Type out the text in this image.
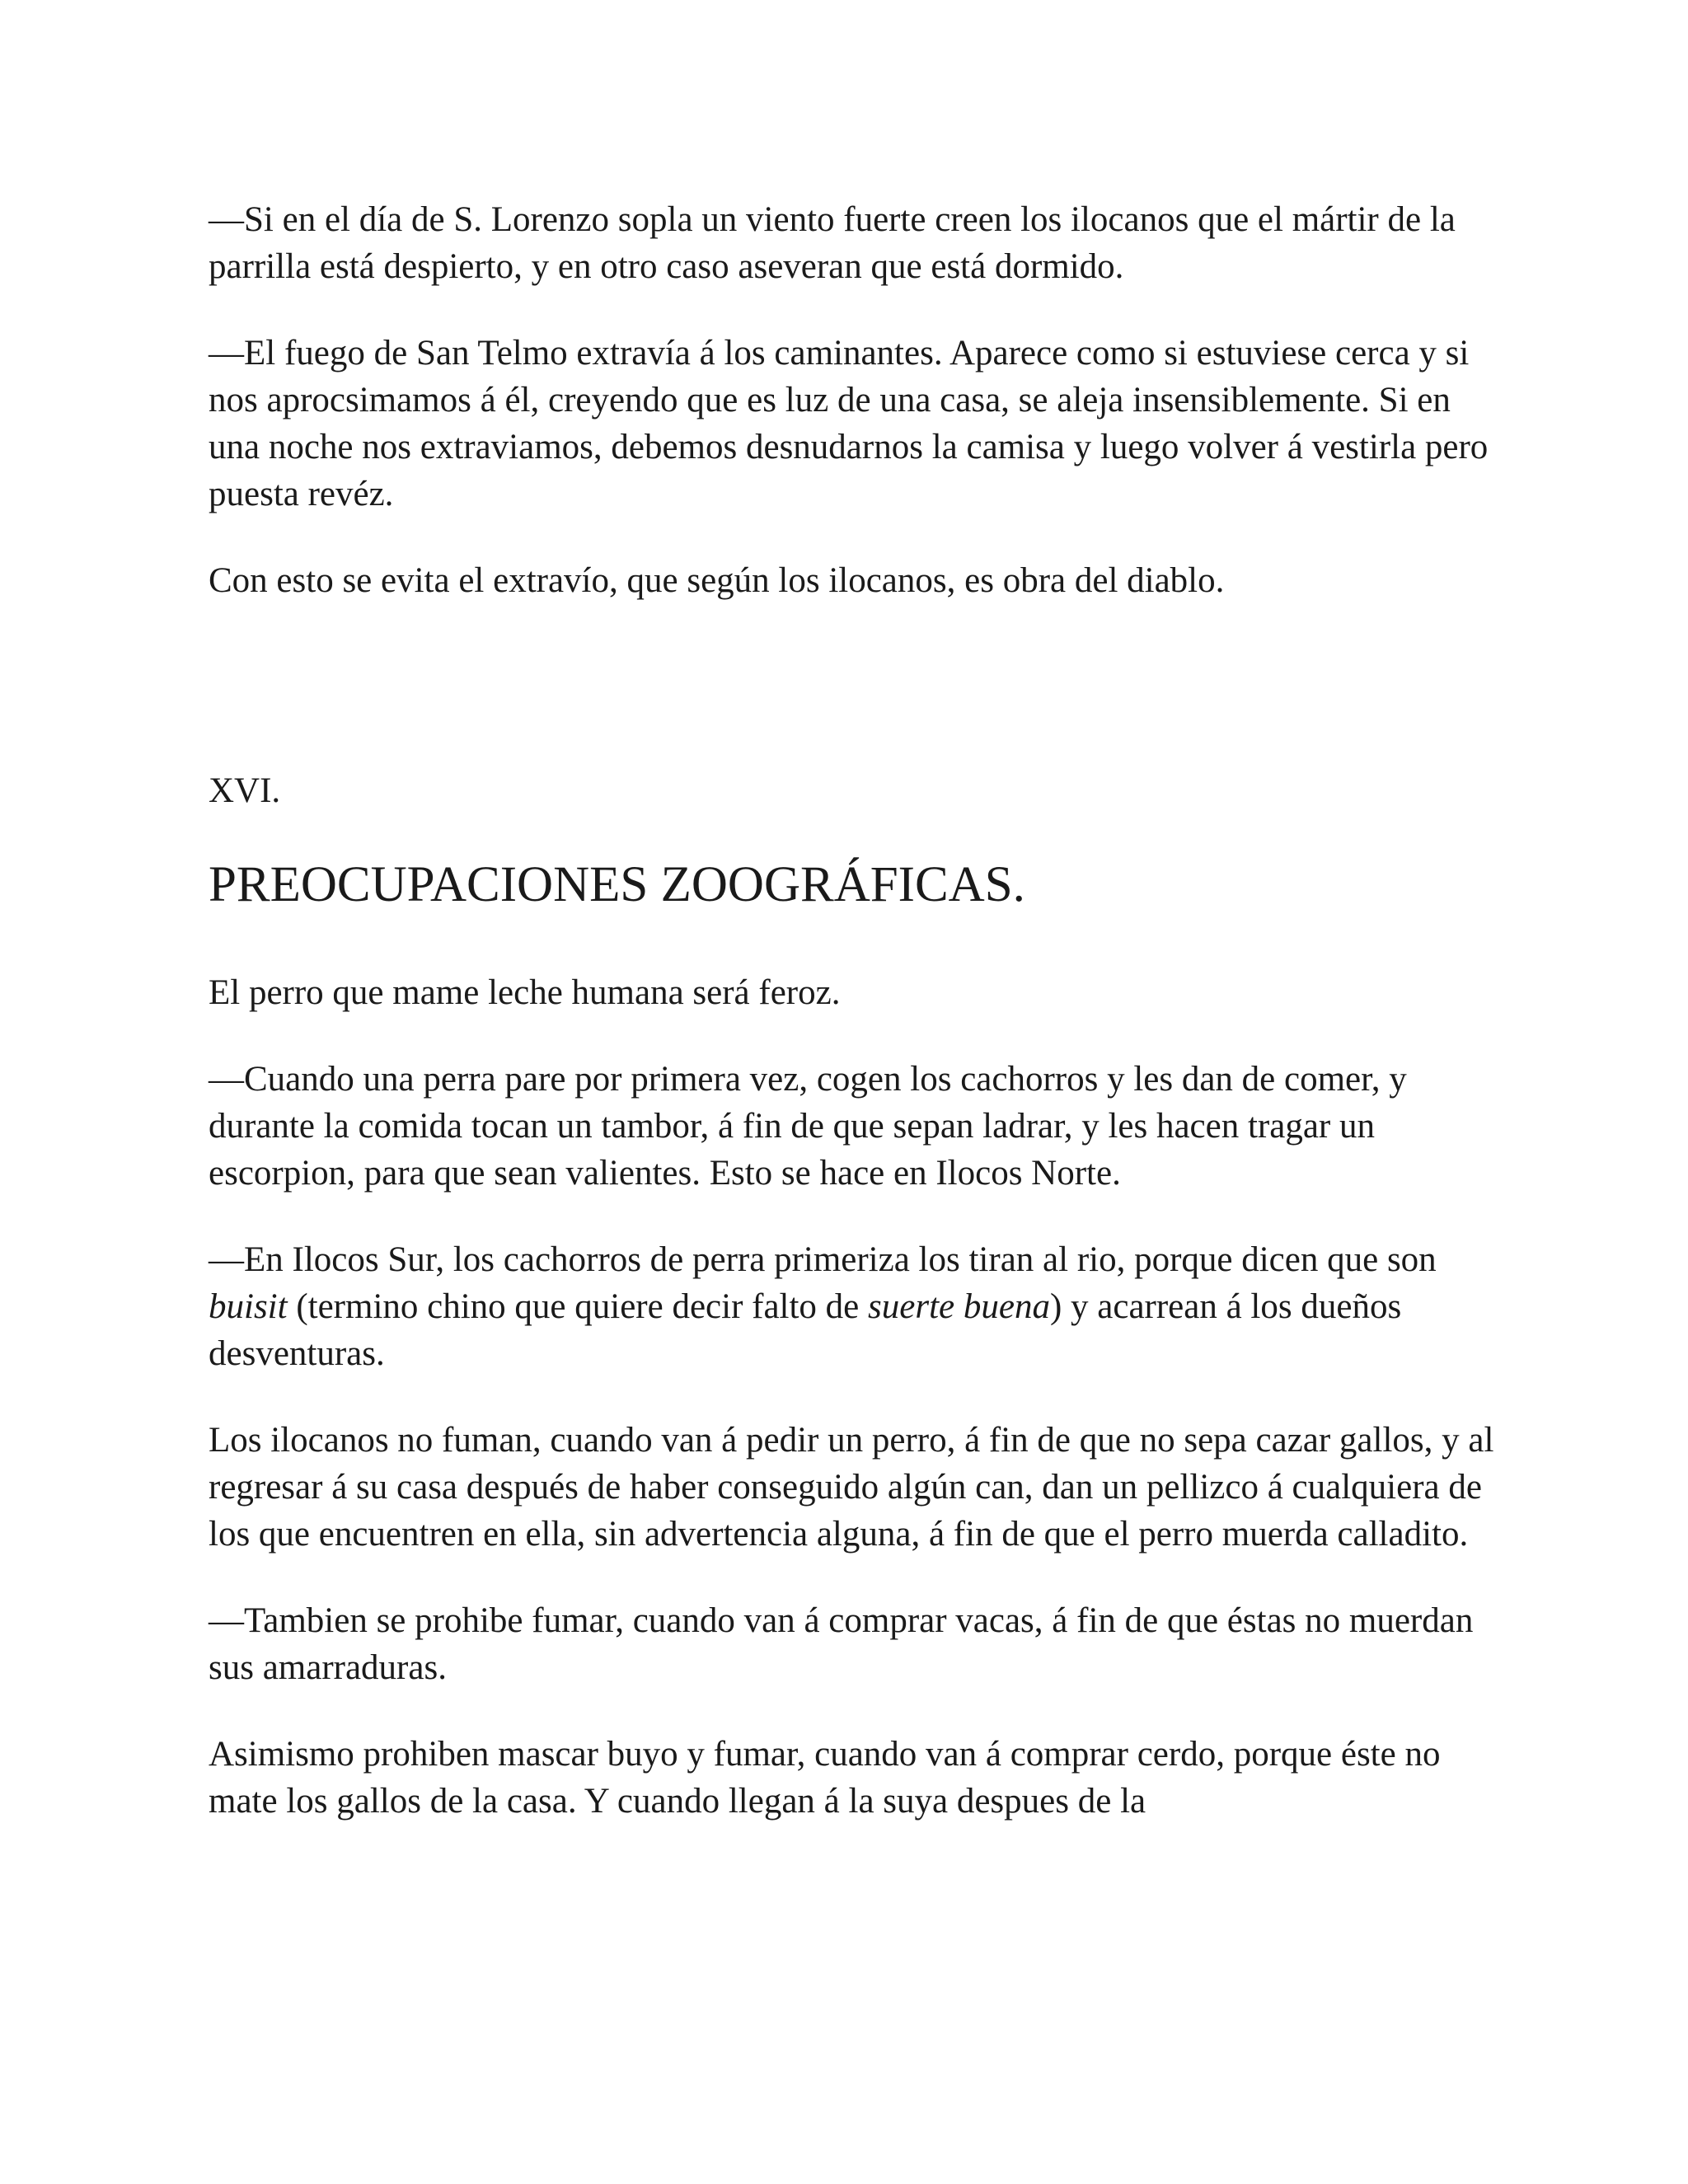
—Si en el día de S. Lorenzo sopla un viento fuerte creen los ilocanos que el mártir de la parrilla está despierto, y en otro caso aseveran que está dormido.

—El fuego de San Telmo extravía á los caminantes. Aparece como si estuviese cerca y si nos aprocsimamos á él, creyendo que es luz de una casa, se aleja insensiblemente. Si en una noche nos extraviamos, debemos desnudarnos la camisa y luego volver á vestirla pero puesta revéz.

Con esto se evita el extravío, que según los ilocanos, es obra del diablo.

XVI.

PREOCUPACIONES ZOOGRÁFICAS.

El perro que mame leche humana será feroz.

—Cuando una perra pare por primera vez, cogen los cachorros y les dan de comer, y durante la comida tocan un tambor, á fin de que sepan ladrar, y les hacen tragar un escorpion, para que sean valientes. Esto se hace en Ilocos Norte.

—En Ilocos Sur, los cachorros de perra primeriza los tiran al rio, porque dicen que son buisit (termino chino que quiere decir falto de suerte buena) y acarrean á los dueños desventuras.

Los ilocanos no fuman, cuando van á pedir un perro, á fin de que no sepa cazar gallos, y al regresar á su casa después de haber conseguido algún can, dan un pellizco á cualquiera de los que encuentren en ella, sin advertencia alguna, á fin de que el perro muerda calladito.

—Tambien se prohibe fumar, cuando van á comprar vacas, á fin de que éstas no muerdan sus amarraduras.

Asimismo prohiben mascar buyo y fumar, cuando van á comprar cerdo, porque éste no mate los gallos de la casa. Y cuando llegan á la suya despues de la
